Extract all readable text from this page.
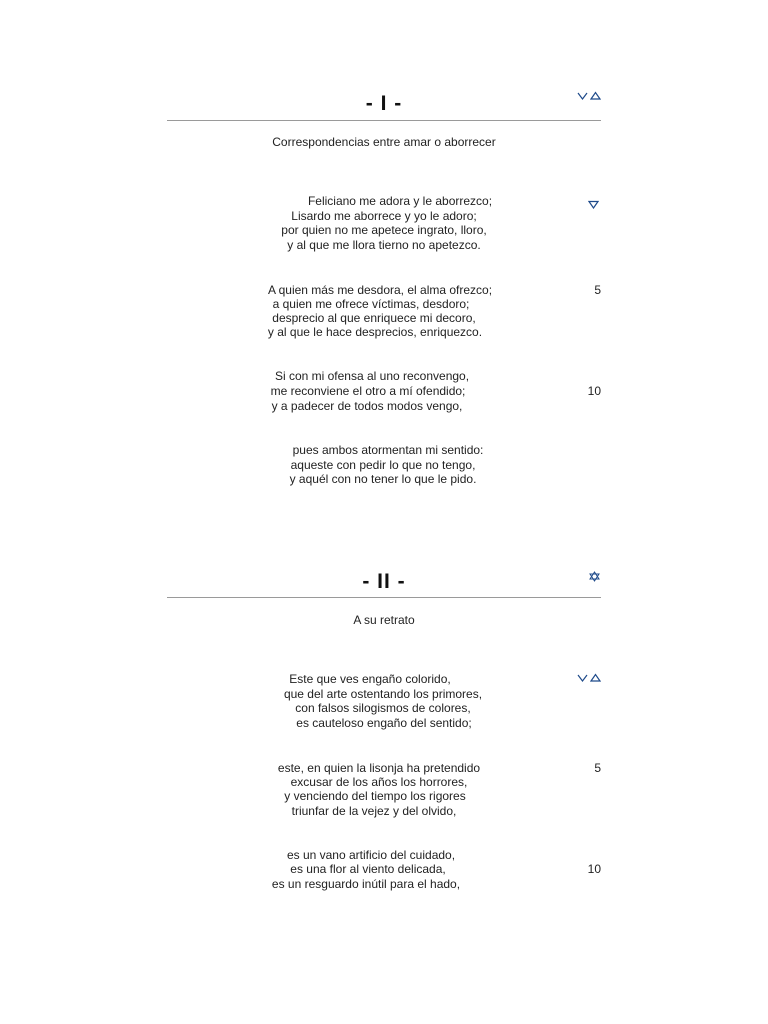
- I -
Correspondencias entre amar o aborrecer
Feliciano me adora y le aborrezco;
Lisardo me aborrece y yo le adoro;
por quien no me apetece ingrato, lloro,
y al que me llora tierno no apetezco.
A quien más me desdora, el alma ofrezco;
a quien me ofrece víctimas, desdoro;
desprecio al que enriquece mi decoro,
y al que le hace desprecios, enriquezco.
5
Si con mi ofensa al uno reconvengo,
me reconviene el otro a mí ofendido;
y a padecer de todos modos vengo,
10
pues ambos atormentan mi sentido:
aqueste con pedir lo que no tengo,
y aquél con no tener lo que le pido.
- II -
A su retrato
Este que ves engaño colorido,
que del arte ostentando los primores,
con falsos silogismos de colores,
es cauteloso engaño del sentido;
este, en quien la lisonja ha pretendido
excusar de los años los horrores,
y venciendo del tiempo los rigores
triunfar de la vejez y del olvido,
5
es un vano artificio del cuidado,
es una flor al viento delicada,
es un resguardo inútil para el hado,
10
